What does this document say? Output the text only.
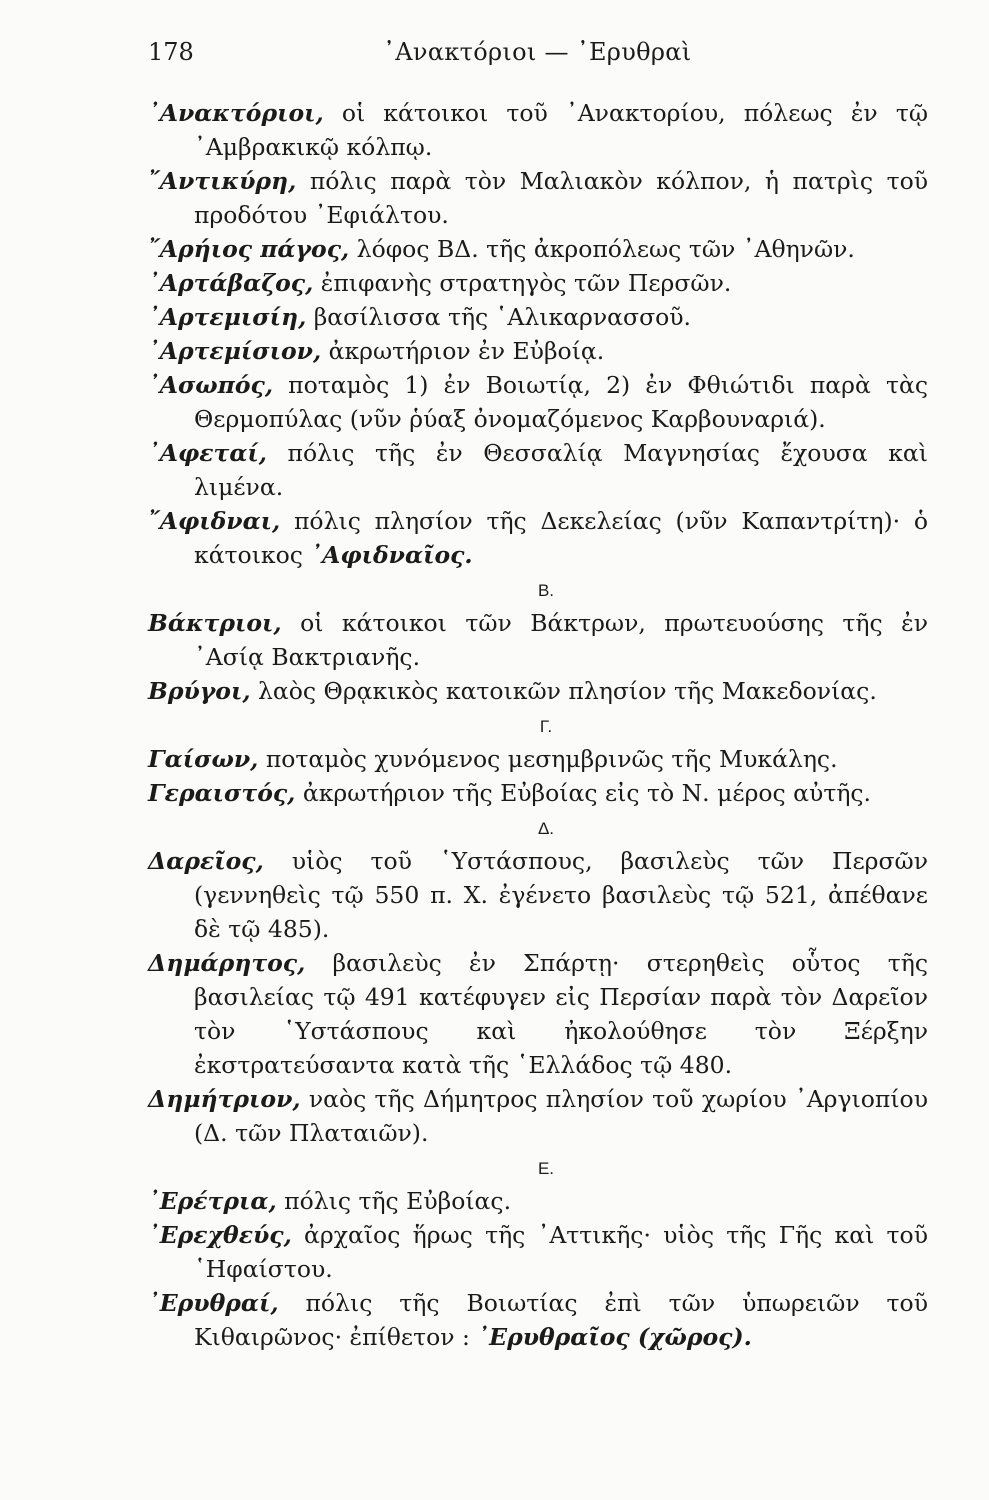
178	᾿Ανακτόριοι — ᾿Ερυθραὶ

᾿Ανακτόριοι, οἱ κάτοικοι τοῦ ᾿Ανακτορίου, πόλεως ἐν τῷ ᾿Αμβρακικῷ κόλπῳ.

῎Αντικύρη, πόλις παρὰ τὸν Μαλιακὸν κόλπον, ἡ πατρὶς τοῦ προδότου ᾿Εφιάλτου.

῎Αρήιος πάγος, λόφος ΒΔ. τῆς ἀκροπόλεως τῶν ᾿Αθηνῶν.

᾿Αρτάβαζος, ἐπιφανὴς στρατηγὸς τῶν Περσῶν.

᾿Αρτεμισίη, βασίλισσα τῆς ῾Αλικαρνασσοῦ.

᾿Αρτεμίσιον, ἀκρωτήριον ἐν Εὐβοίᾳ.

᾿Ασωπός, ποταμὸς 1) ἐν Βοιωτίᾳ, 2) ἐν Φθιώτιδι παρὰ τὰς Θερμοπύλας (νῦν ῥύαξ ὀνομαζόμενος Καρβουναριά).

᾿Αφεταί, πόλις τῆς ἐν Θεσσαλίᾳ Μαγνησίας ἔχουσα καὶ λιμένα.

῎Αφιδναι, πόλις πλησίον τῆς Δεκελείας (νῦν Καπαντρίτη)· ὁ κάτοικος ᾿Αφιδναῖος.

Β.

Βάκτριοι, οἱ κάτοικοι τῶν Βάκτρων, πρωτευούσης τῆς ἐν ᾿Ασίᾳ Βακτριανῆς.

Βρύγοι, λαὸς Θρᾳκικὸς κατοικῶν πλησίον τῆς Μακεδονίας.

Γ.

Γαίσων, ποταμὸς χυνόμενος μεσημβρινῶς τῆς Μυκάλης.

Γεραιστός, ἀκρωτήριον τῆς Εὐβοίας εἰς τὸ Ν. μέρος αὐτῆς.

Δ.

Δαρεῖος, υἱὸς τοῦ ῾Υστάσπους, βασιλεὺς τῶν Περσῶν (γεννηθεὶς τῷ 550 π. Χ. ἐγένετο βασιλεὺς τῷ 521, ἀπέθανε δὲ τῷ 485).

Δημάρητος, βασιλεὺς ἐν Σπάρτῃ· στερηθεὶς οὗτος τῆς βασιλείας τῷ 491 κατέφυγεν εἰς Περσίαν παρὰ τὸν Δαρεῖον τὸν ῾Υστάσπους καὶ ἠκολούθησε τὸν Ξέρξην ἐκστρατεύσαντα κατὰ τῆς ῾Ελλάδος τῷ 480.

Δημήτριον, ναὸς τῆς Δήμητρος πλησίον τοῦ χωρίου ᾿Αργιοπίου (Δ. τῶν Πλαταιῶν).

Ε.

᾿Ερέτρια, πόλις τῆς Εὐβοίας.

᾿Ερεχθεύς, ἀρχαῖος ἥρως τῆς ᾿Αττικῆς· υἱὸς τῆς Γῆς καὶ τοῦ ῾Ηφαίστου.

᾿Ερυθραί, πόλις τῆς Βοιωτίας ἐπὶ τῶν ὑπωρειῶν τοῦ Κιθαιρῶνος· ἐπίθετον : ᾿Ερυθραῖος (χῶρος).
